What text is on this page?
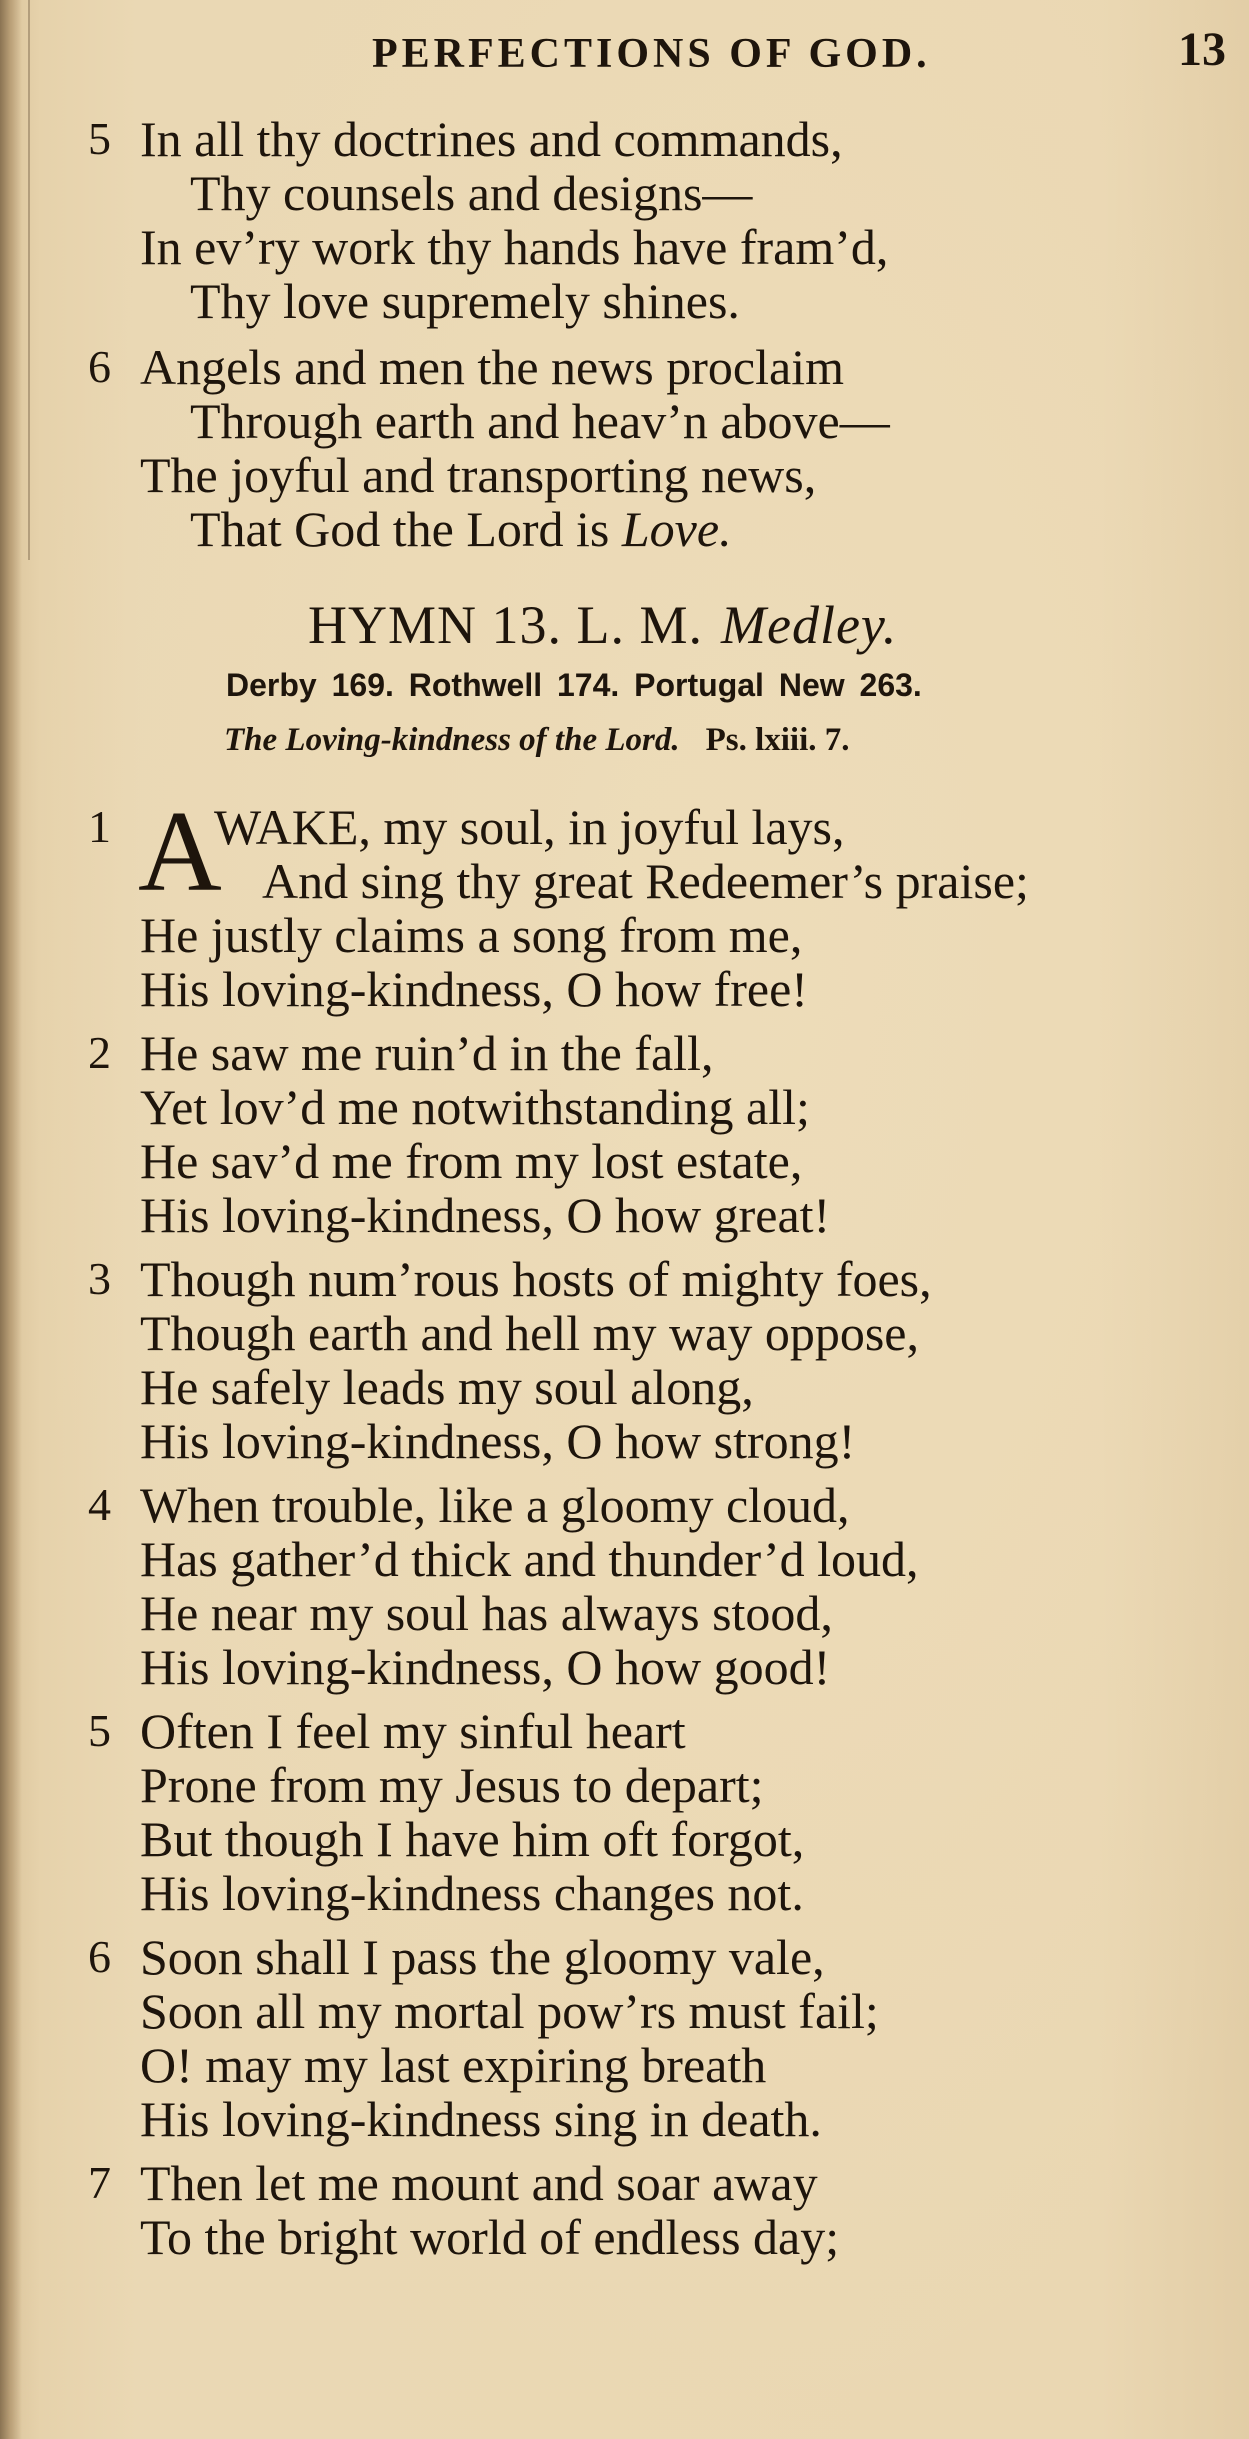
PERFECTIONS OF GOD.	13
5 In all thy doctrines and commands,
Thy counsels and designs—
In ev’ry work thy hands have fram’d,
Thy love supremely shines.
6 Angels and men the news proclaim
Through earth and heav’n above—
The joyful and transporting news,
That God the Lord is Love.
HYMN 13. L. M. Medley.
Derby 169. Rothwell 174. Portugal New 263.
The Loving-kindness of the Lord. Ps. lxiii. 7.
1 A
WAKE, my soul, in joyful lays,
And sing thy great Redeemer’s praise;
He justly claims a song from me,
His loving-kindness, O how free!
2 He saw me ruin’d in the fall,
Yet lov’d me notwithstanding all;
He sav’d me from my lost estate,
His loving-kindness, O how great!
3 Though num’rous hosts of mighty foes,
Though earth and hell my way oppose,
He safely leads my soul along,
His loving-kindness, O how strong!
4 When trouble, like a gloomy cloud,
Has gather’d thick and thunder’d loud,
He near my soul has always stood,
His loving-kindness, O how good!
5 Often I feel my sinful heart
Prone from my Jesus to depart;
But though I have him oft forgot,
His loving-kindness changes not.
6 Soon shall I pass the gloomy vale,
Soon all my mortal pow’rs must fail;
O! may my last expiring breath
His loving-kindness sing in death.
7 Then let me mount and soar away
To the bright world of endless day;
